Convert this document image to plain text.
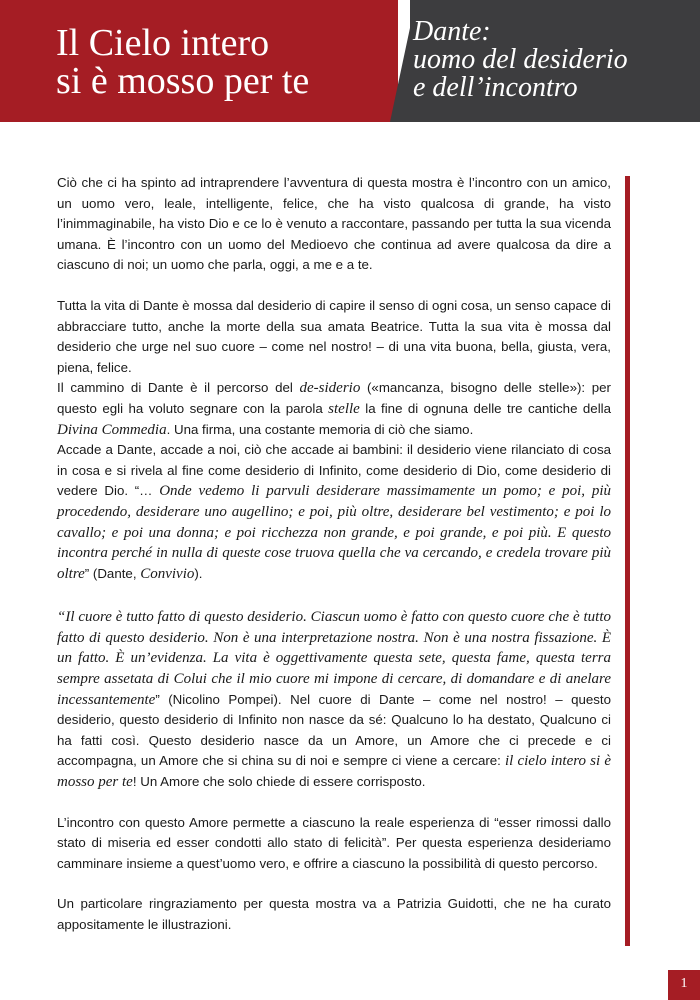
Il Cielo intero
si è mosso per te
Dante:
uomo del desiderio
e dell’incontro

Ciò che ci ha spinto ad intraprendere l’avventura di questa mostra è l’incontro con un amico, un uomo vero, leale, intelligente, felice, che ha visto qualcosa di grande, ha visto l’inimmaginabile, ha visto Dio e ce lo è venuto a raccontare, passando per tutta la sua vicenda umana. È l’incontro con un uomo del Medioevo che continua ad avere qualcosa da dire a ciascuno di noi; un uomo che parla, oggi, a me e a te.

Tutta la vita di Dante è mossa dal desiderio di capire il senso di ogni cosa, un senso capace di abbracciare tutto, anche la morte della sua amata Beatrice. Tutta la sua vita è mossa dal desiderio che urge nel suo cuore – come nel nostro! – di una vita buona, bella, giusta, vera, piena, felice.

Il cammino di Dante è il percorso del de-siderio («mancanza, bisogno delle stelle»): per questo egli ha voluto segnare con la parola stelle la fine di ognuna delle tre cantiche della Divina Commedia. Una firma, una costante memoria di ciò che siamo.

Accade a Dante, accade a noi, ciò che accade ai bambini: il desiderio viene rilanciato di cosa in cosa e si rivela al fine come desiderio di Infinito, come desiderio di Dio, come desiderio di vedere Dio. “… Onde vedemo li parvuli desiderare massimamente un pomo; e poi, più procedendo, desiderare uno augellino; e poi, più oltre, desiderare bel vestimento; e poi lo cavallo; e poi una donna; e poi ricchezza non grande, e poi grande, e poi più. E questo incontra perché in nulla di queste cose truova quella che va cercando, e credela trovare più oltre” (Dante, Convivio).

“Il cuore è tutto fatto di questo desiderio. Ciascun uomo è fatto con questo cuore che è tutto fatto di questo desiderio. Non è una interpretazione nostra. Non è una nostra fissazione. È un fatto. È un’evidenza. La vita è oggettivamente questa sete, questa fame, questa terra sempre assetata di Colui che il mio cuore mi impone di cercare, di domandare e di anelare incessantemente” (Nicolino Pompei). Nel cuore di Dante – come nel nostro! – questo desiderio, questo desiderio di Infinito non nasce da sé: Qualcuno lo ha destato, Qualcuno ci ha fatti così. Questo desiderio nasce da un Amore, un Amore che ci precede e ci accompagna, un Amore che si china su di noi e sempre ci viene a cercare: il cielo intero si è mosso per te! Un Amore che solo chiede di essere corrisposto.

L’incontro con questo Amore permette a ciascuno la reale esperienza di “esser rimossi dallo stato di miseria ed esser condotti allo stato di felicità”. Per questa esperienza desideriamo camminare insieme a quest’uomo vero, e offrire a ciascuno la possibilità di questo percorso.

Un particolare ringraziamento per questa mostra va a Patrizia Guidotti, che ne ha curato appositamente le illustrazioni.

1
